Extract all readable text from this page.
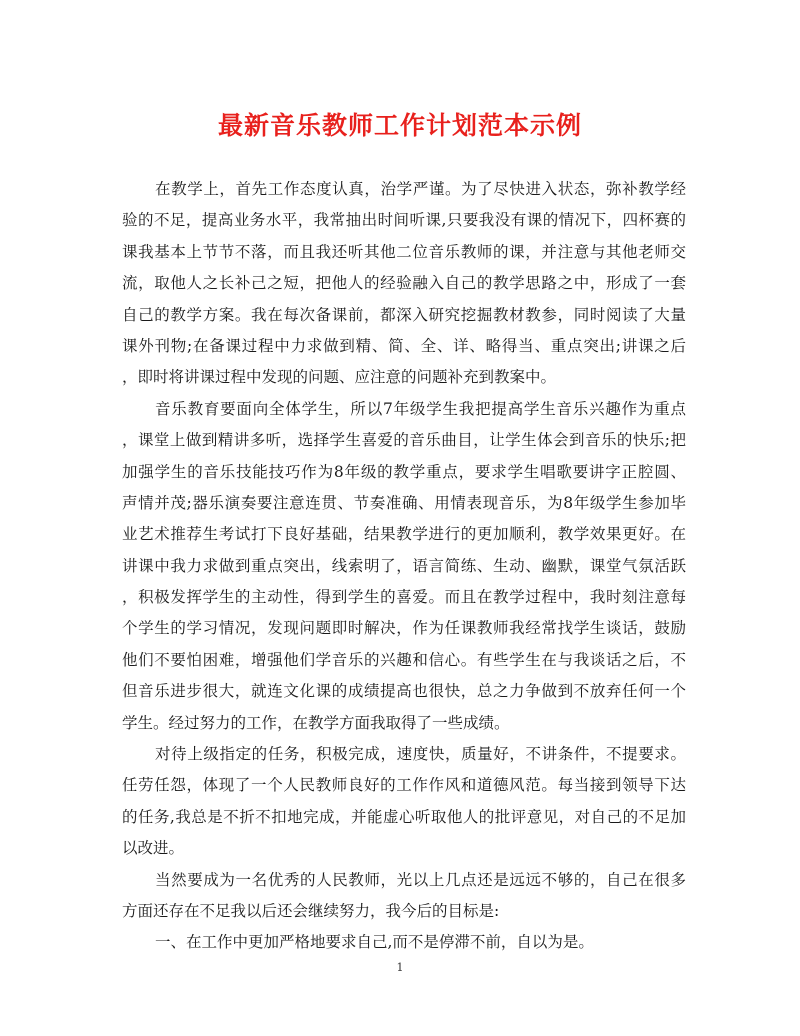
最新音乐教师工作计划范本示例
在教学上，首先工作态度认真，治学严谨。为了尽快进入状态，弥补教学经
验的不足，提高业务水平，我常抽出时间听课,只要我没有课的情况下，四杯赛的
课我基本上节节不落，而且我还听其他二位音乐教师的课，并注意与其他老师交
流，取他人之长补己之短，把他人的经验融入自己的教学思路之中，形成了一套
自己的教学方案。我在每次备课前，都深入研究挖掘教材教参，同时阅读了大量
课外刊物;在备课过程中力求做到精、简、全、详、略得当、重点突出;讲课之后
，即时将讲课过程中发现的问题、应注意的问题补充到教案中。
音乐教育要面向全体学生，所以7年级学生我把提高学生音乐兴趣作为重点
，课堂上做到精讲多听，选择学生喜爱的音乐曲目，让学生体会到音乐的快乐;把
加强学生的音乐技能技巧作为8年级的教学重点，要求学生唱歌要讲字正腔圆、
声情并茂;器乐演奏要注意连贯、节奏准确、用情表现音乐，为8年级学生参加毕
业艺术推荐生考试打下良好基础，结果教学进行的更加顺利，教学效果更好。在
讲课中我力求做到重点突出，线索明了，语言简练、生动、幽默，课堂气氛活跃
，积极发挥学生的主动性，得到学生的喜爱。而且在教学过程中，我时刻注意每
个学生的学习情况，发现问题即时解决，作为任课教师我经常找学生谈话，鼓励
他们不要怕困难，增强他们学音乐的兴趣和信心。有些学生在与我谈话之后，不
但音乐进步很大，就连文化课的成绩提高也很快，总之力争做到不放弃任何一个
学生。经过努力的工作，在教学方面我取得了一些成绩。
对待上级指定的任务，积极完成，速度快，质量好，不讲条件，不提要求。
任劳任怨，体现了一个人民教师良好的工作作风和道德风范。每当接到领导下达
的任务,我总是不折不扣地完成，并能虚心听取他人的批评意见，对自己的不足加
以改进。
当然要成为一名优秀的人民教师，光以上几点还是远远不够的，自己在很多
方面还存在不足我以后还会继续努力，我今后的目标是:
一、在工作中更加严格地要求自己,而不是停滞不前，自以为是。
1
